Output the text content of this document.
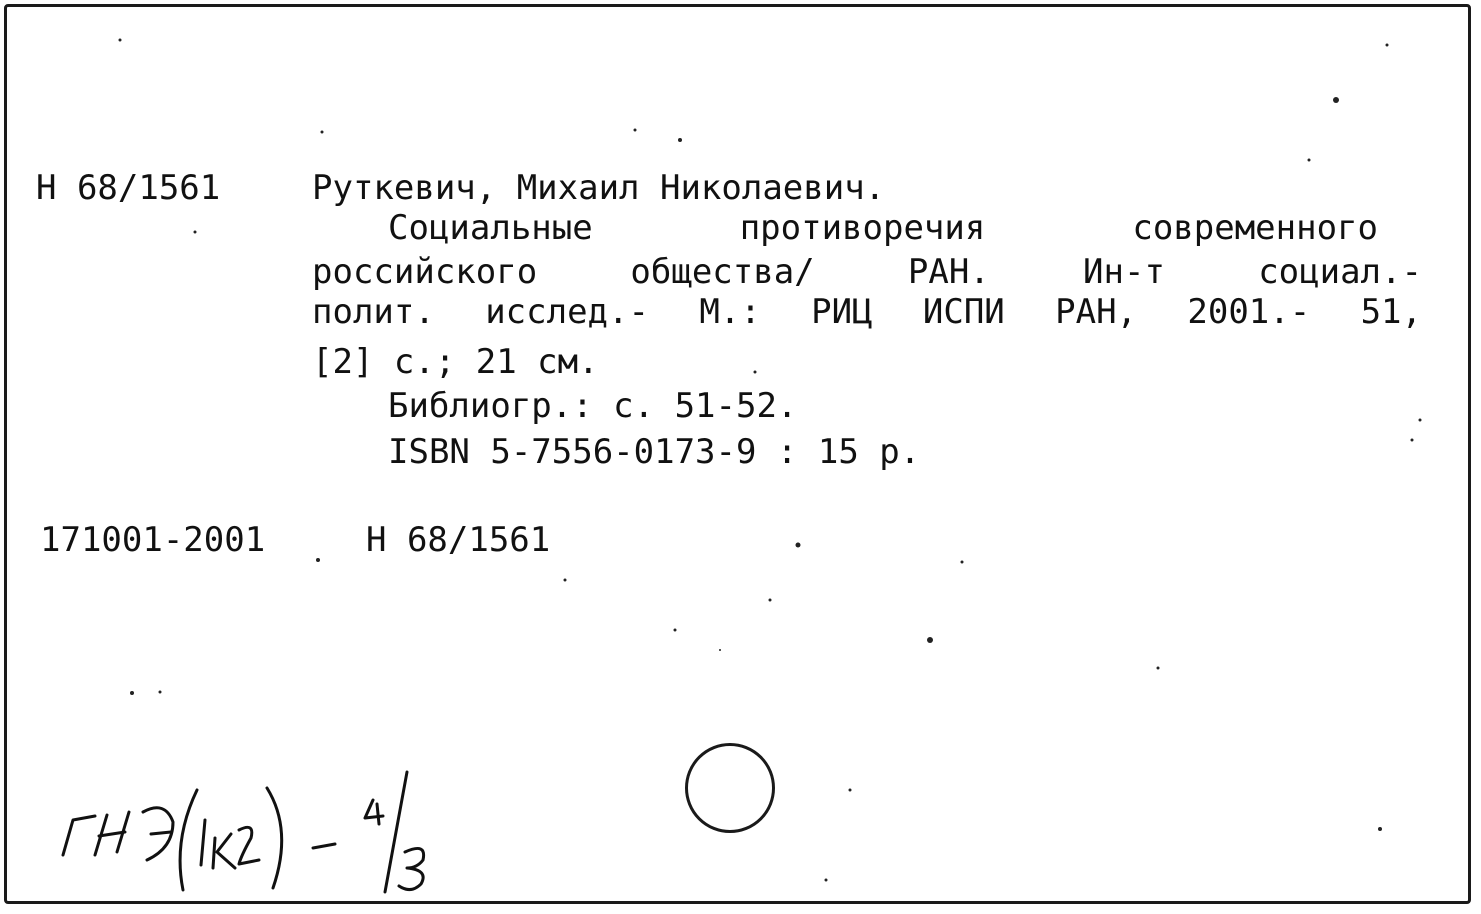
Н 68/1561	Руткевич, Михаил Николаевич.
Социальные	противоречия	современного
российского	общества/	РАН.	Ин-т	социал.-
полит. исслед.- М.: РИЦ ИСПИ РАН, 2001.- 51,
[2] с.; 21 см.
Библиогр.: с. 51-52.
ISBN 5-7556-0173-9 : 15 р.
171001-2001	Н 68/1561
